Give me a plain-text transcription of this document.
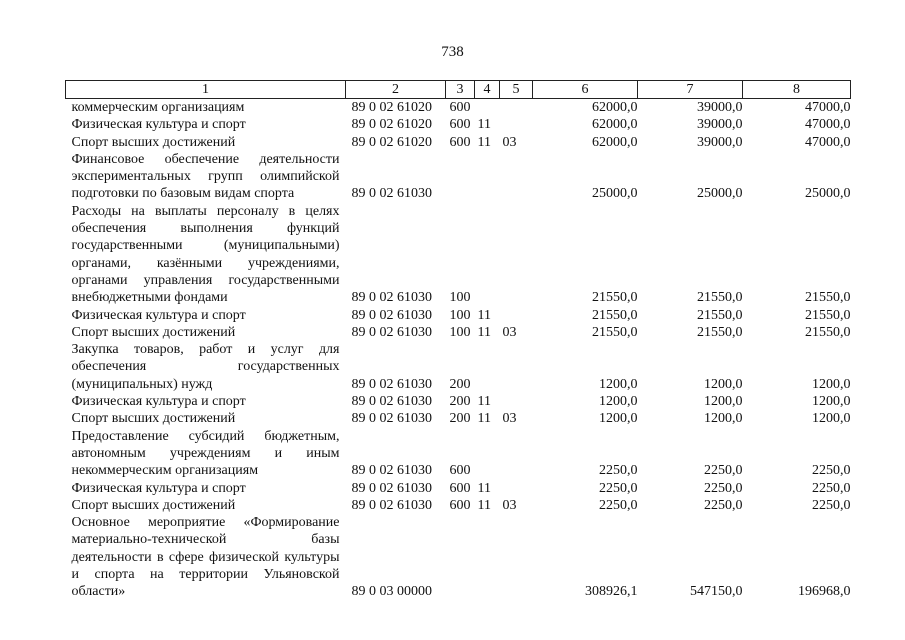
738
1	2	3	4	5	6	7	8
коммерческим организациям	89 0 02 61020	600			62000,0	39000,0	47000,0
Физическая культура и спорт	89 0 02 61020	600	11		62000,0	39000,0	47000,0
Спорт высших достижений	89 0 02 61020	600	11	03	62000,0	39000,0	47000,0
Финансовое обеспечение деятельности экспериментальных групп олимпийской подготовки по базовым видам спорта	89 0 02 61030				25000,0	25000,0	25000,0
Расходы на выплаты персоналу в целях обеспечения выполнения функций государственными (муниципальными) органами, казёнными учреждениями, органами управления государственными внебюджетными фондами	89 0 02 61030	100			21550,0	21550,0	21550,0
Физическая культура и спорт	89 0 02 61030	100	11		21550,0	21550,0	21550,0
Спорт высших достижений	89 0 02 61030	100	11	03	21550,0	21550,0	21550,0
Закупка товаров, работ и услуг для обеспечения государственных (муниципальных) нужд	89 0 02 61030	200			1200,0	1200,0	1200,0
Физическая культура и спорт	89 0 02 61030	200	11		1200,0	1200,0	1200,0
Спорт высших достижений	89 0 02 61030	200	11	03	1200,0	1200,0	1200,0
Предоставление субсидий бюджетным, автономным учреждениям и иным некоммерческим организациям	89 0 02 61030	600			2250,0	2250,0	2250,0
Физическая культура и спорт	89 0 02 61030	600	11		2250,0	2250,0	2250,0
Спорт высших достижений	89 0 02 61030	600	11	03	2250,0	2250,0	2250,0
Основное мероприятие «Формирование материально-технической базы деятельности в сфере физической культуры и спорта на территории Ульяновской области»	89 0 03 00000				308926,1	547150,0	196968,0
